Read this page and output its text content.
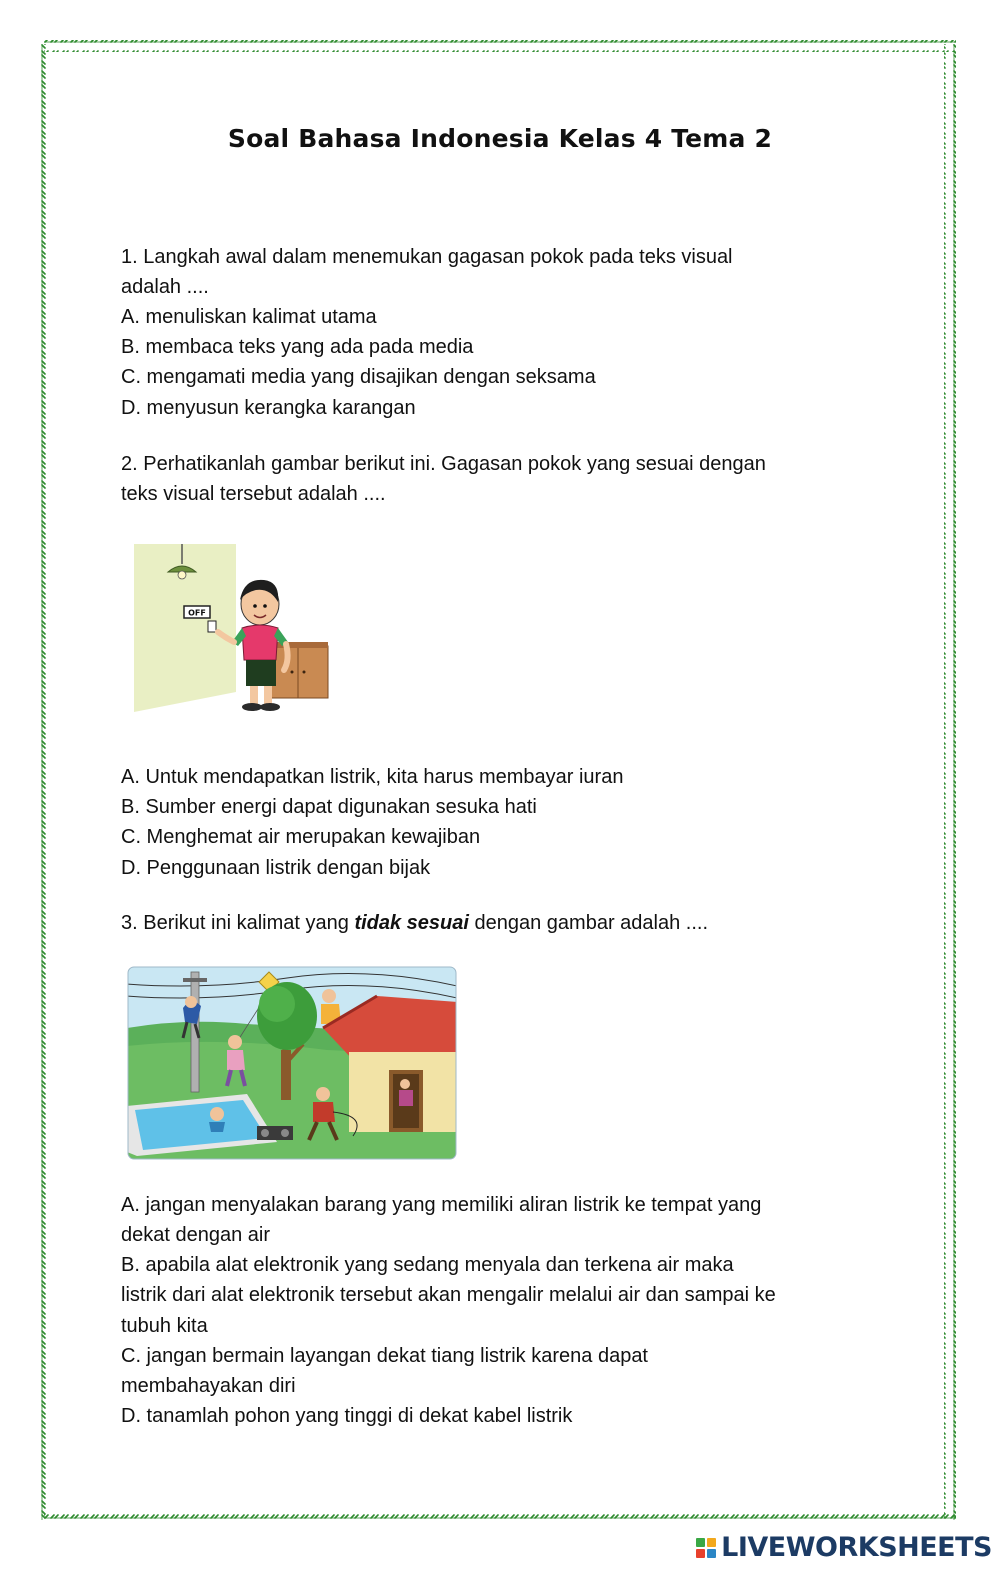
Soal Bahasa Indonesia Kelas 4 Tema 2
1. Langkah awal dalam menemukan gagasan pokok pada teks visual
adalah ....
A. menuliskan kalimat utama
B. membaca teks yang ada pada media
C. mengamati media yang disajikan dengan seksama
D. menyusun kerangka karangan
2. Perhatikanlah gambar berikut ini. Gagasan pokok yang sesuai dengan
teks visual tersebut adalah ....
OFF
A. Untuk mendapatkan listrik, kita harus membayar iuran
B. Sumber energi dapat digunakan sesuka hati
C. Menghemat air merupakan kewajiban
D. Penggunaan listrik dengan bijak
3. Berikut ini kalimat yang tidak sesuai dengan gambar adalah ....
A. jangan menyalakan barang yang memiliki aliran listrik ke tempat yang
dekat dengan air
B. apabila alat elektronik yang sedang menyala dan terkena air maka
listrik dari alat elektronik tersebut akan mengalir melalui air dan sampai ke
tubuh kita
C. jangan bermain layangan dekat tiang listrik karena dapat
membahayakan diri
D. tanamlah pohon yang tinggi di dekat kabel listrik
LIVEWORKSHEETS
